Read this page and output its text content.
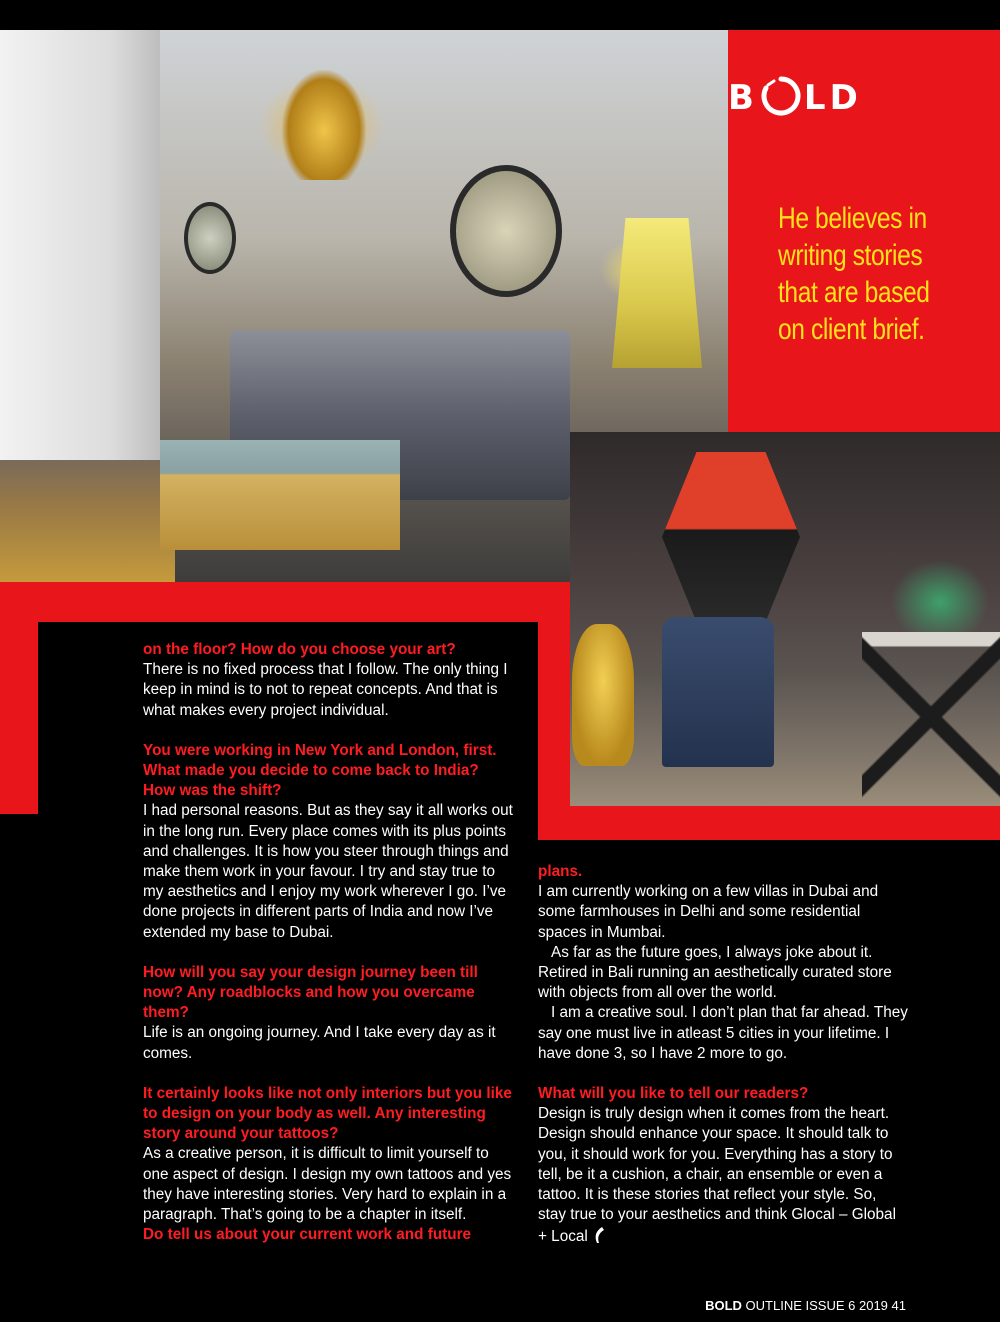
B LD
He believes in writing stories that are based on client brief.

on the floor? How do you choose your art?

There is no fixed process that I follow. The only thing I keep in mind is to not to repeat concepts. And that is what makes every project individual.

You were working in New York and London, first. What made you decide to come back to India? How was the shift?

I had personal reasons. But as they say it all works out in the long run. Every place comes with its plus points and challenges. It is how you steer through things and make them work in your favour. I try and stay true to my aesthetics and I enjoy my work wherever I go. I’ve done projects in different parts of India and now I’ve extended my base to Dubai.

How will you say your design journey been till now? Any roadblocks and how you overcame them?

Life is an ongoing journey. And I take every day as it comes.

It certainly looks like not only interiors but you like to design on your body as well. Any interesting story around your tattoos?

As a creative person, it is difficult to limit yourself to one aspect of design. I design my own tattoos and yes they have interesting stories. Very hard to explain in a paragraph. That’s going to be a chapter in itself.

Do tell us about your current work and future

plans.

I am currently working on a few villas in Dubai and some farmhouses in Delhi and some residential spaces in Mumbai.

As far as the future goes, I always joke about it. Retired in Bali running an aesthetically curated store with objects from all over the world.

I am a creative soul. I don’t plan that far ahead. They say one must live in atleast 5 cities in your lifetime. I have done 3, so I have 2 more to go.

What will you like to tell our readers?

Design is truly design when it comes from the heart. Design should enhance your space. It should talk to you, it should work for you. Everything has a story to tell, be it a cushion, a chair, an ensemble or even a tattoo. It is these stories that reflect your style. So, stay true to your aesthetics and think Glocal – Global + Local

BOLD OUTLINE ISSUE 6 2019 41
